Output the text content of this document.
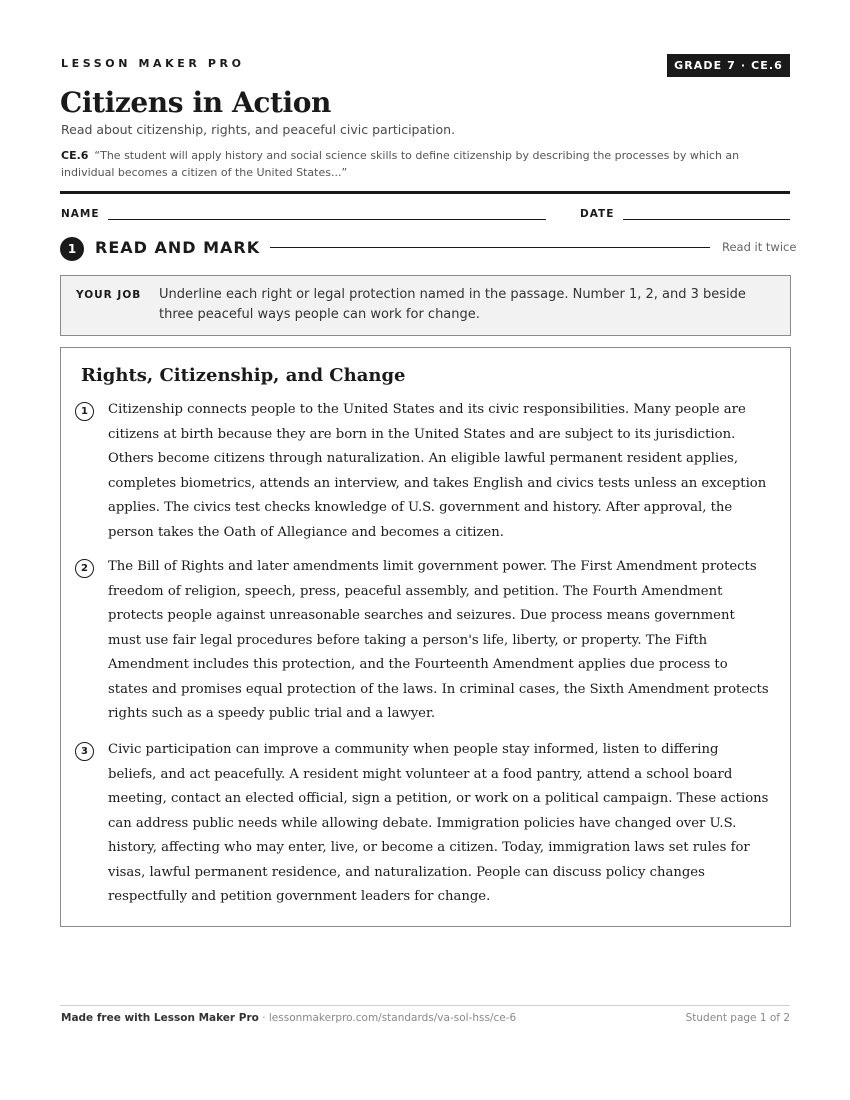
LESSON MAKER PRO	GRADE 7 · CE.6
Citizens in Action
Read about citizenship, rights, and peaceful civic participation.
CE.6 “The student will apply history and social science skills to define citizenship by describing the processes by which an individual becomes a citizen of the United States...”
NAME	DATE
1	READ AND MARK	Read it twice
YOUR JOB Underline each right or legal protection named in the passage. Number 1, 2, and 3 beside three peaceful ways people can work for change.
Rights, Citizenship, and Change
1	Citizenship connects people to the United States and its civic responsibilities. Many people are citizens at birth because they are born in the United States and are subject to its jurisdiction. Others become citizens through naturalization. An eligible lawful permanent resident applies, completes biometrics, attends an interview, and takes English and civics tests unless an exception applies. The civics test checks knowledge of U.S. government and history. After approval, the person takes the Oath of Allegiance and becomes a citizen.
2	The Bill of Rights and later amendments limit government power. The First Amendment protects freedom of religion, speech, press, peaceful assembly, and petition. The Fourth Amendment protects people against unreasonable searches and seizures. Due process means government must use fair legal procedures before taking a person's life, liberty, or property. The Fifth Amendment includes this protection, and the Fourteenth Amendment applies due process to states and promises equal protection of the laws. In criminal cases, the Sixth Amendment protects rights such as a speedy public trial and a lawyer.
3	Civic participation can improve a community when people stay informed, listen to differing beliefs, and act peacefully. A resident might volunteer at a food pantry, attend a school board meeting, contact an elected official, sign a petition, or work on a political campaign. These actions can address public needs while allowing debate. Immigration policies have changed over U.S. history, affecting who may enter, live, or become a citizen. Today, immigration laws set rules for visas, lawful permanent residence, and naturalization. People can discuss policy changes respectfully and petition government leaders for change.
Made free with Lesson Maker Pro · lessonmakerpro.com/standards/va-sol-hss/ce-6	Student page 1 of 2
